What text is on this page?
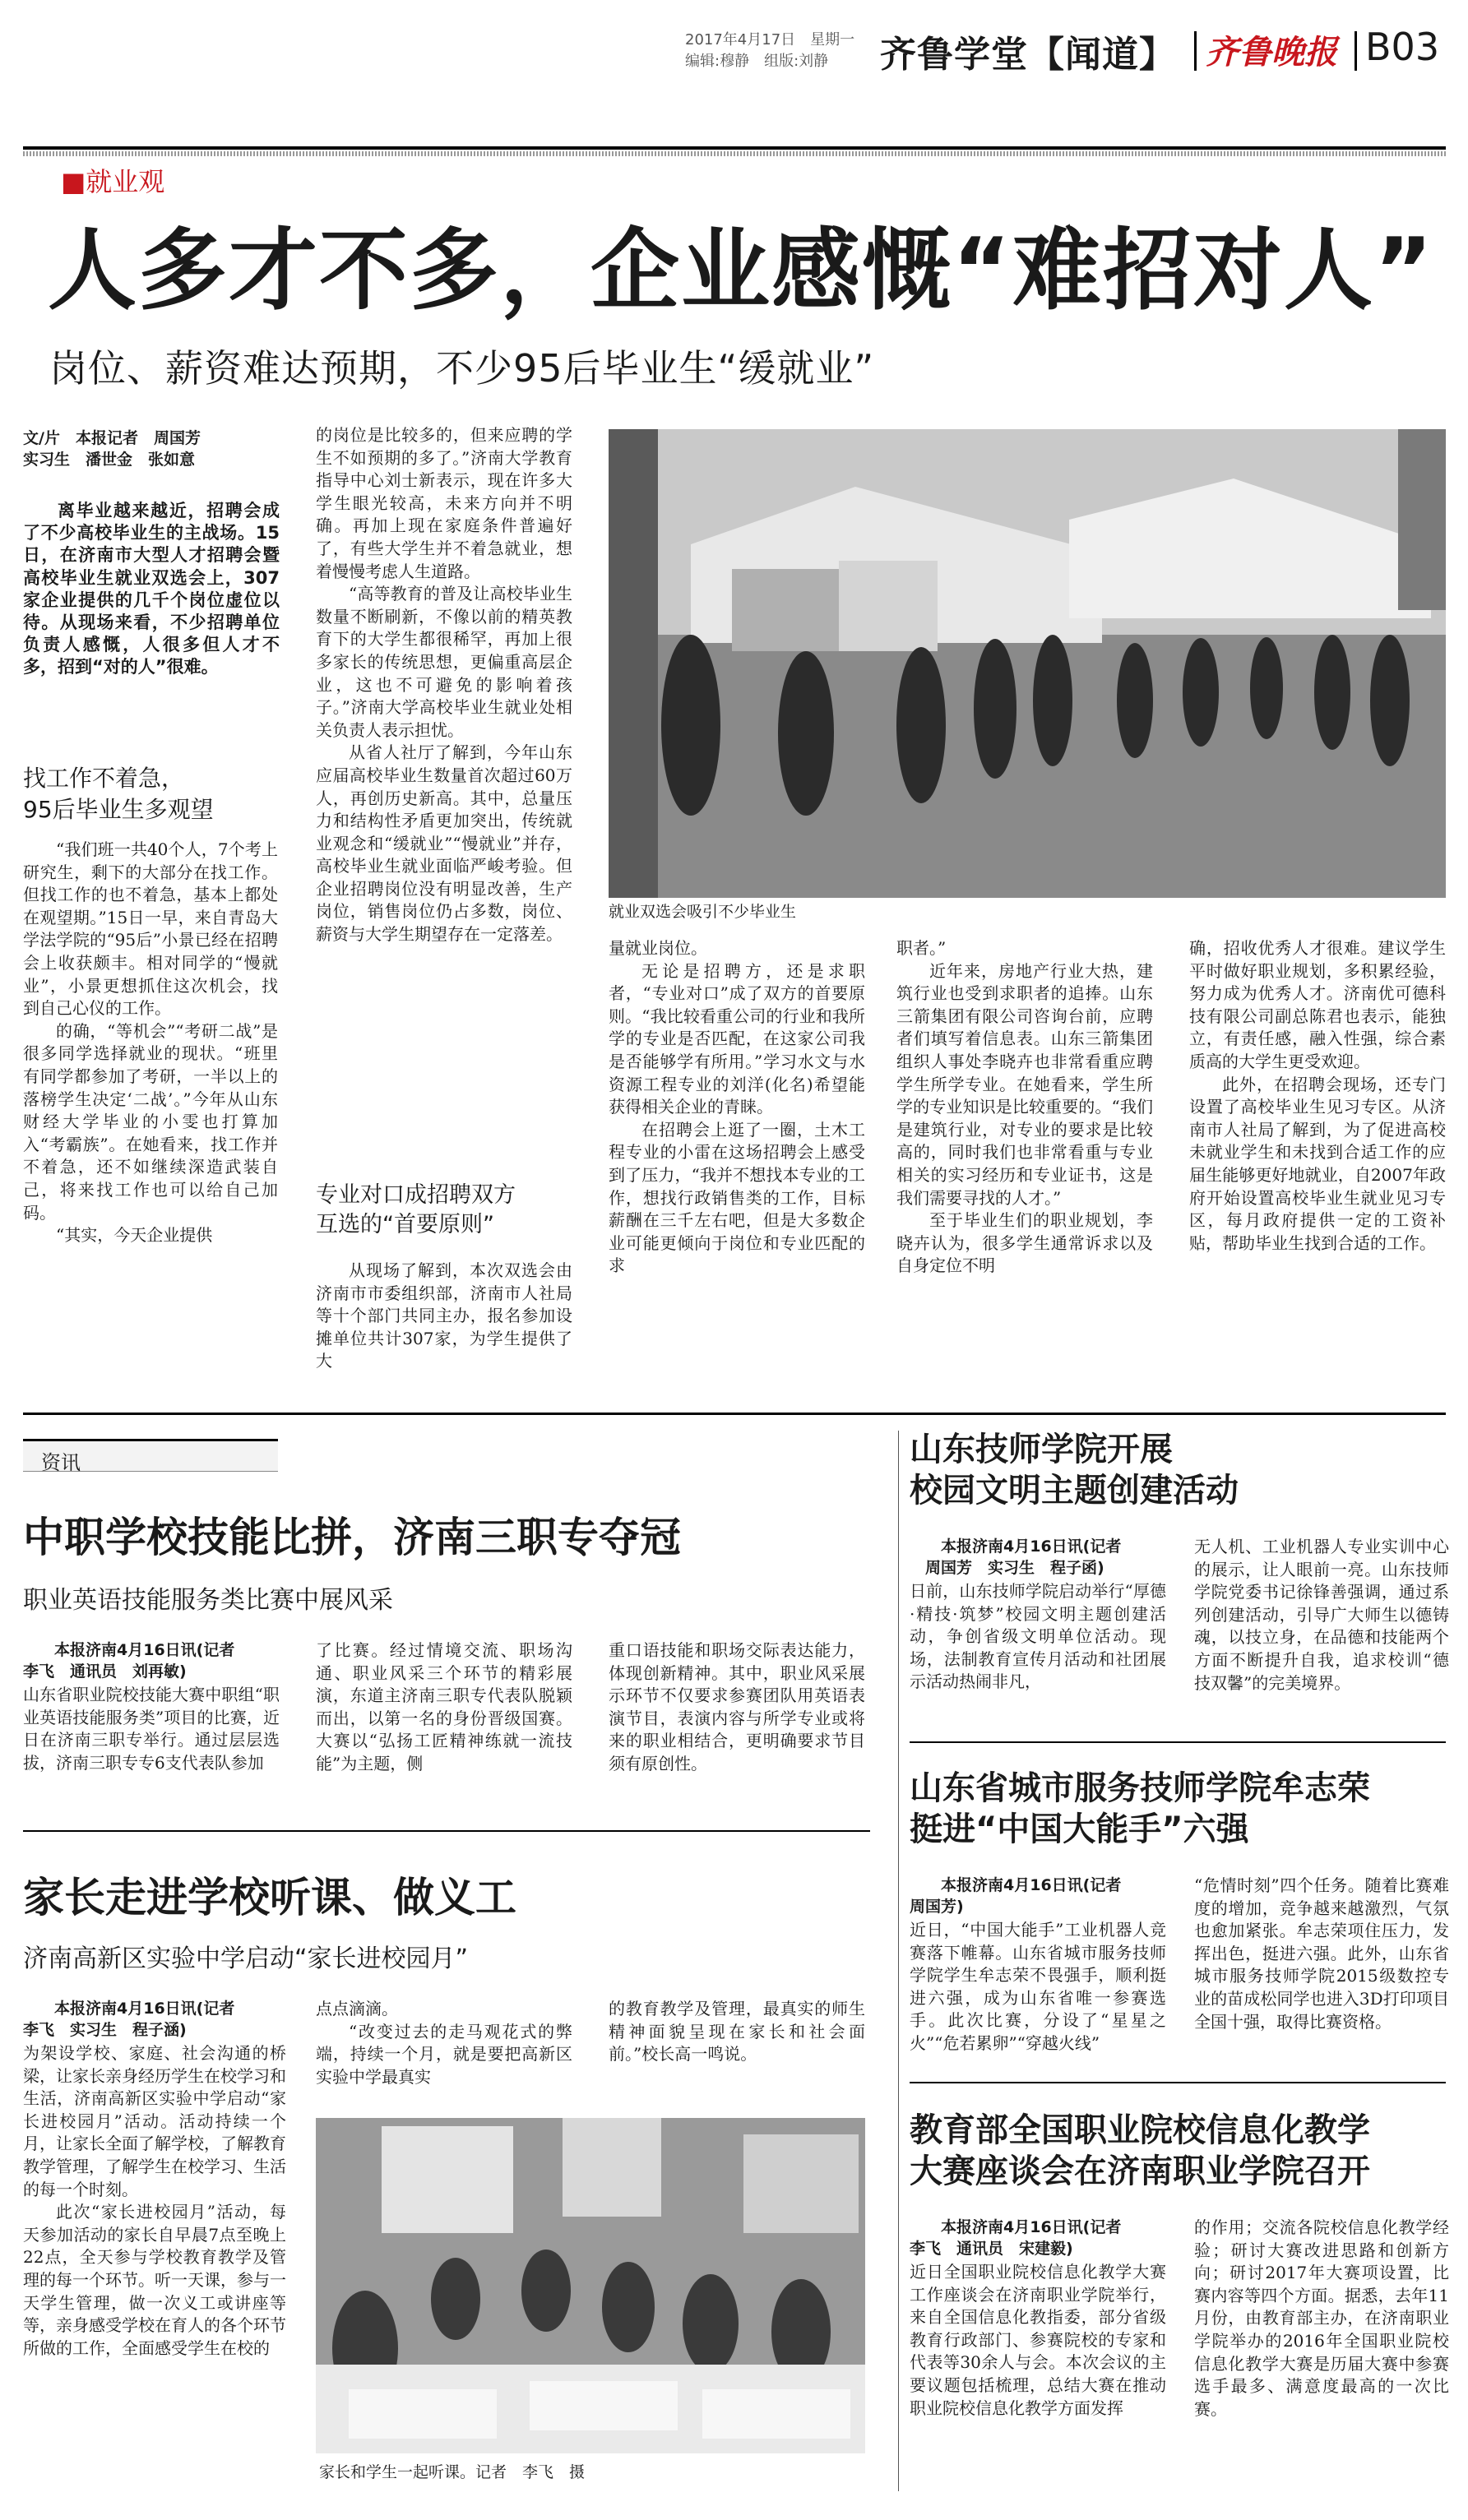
2017年4月17日　 星期一
编辑:穆静　组版:刘静 齐鲁学堂【闻道】 齐鲁晚报 B03
■就业观
人多才不多，企业感慨“难招对人”
岗位、薪资难达预期，不少95后毕业生“缓就业”
文/片　本报记者　周国芳
实习生　潘世金　张如意
离毕业越来越近，招聘会成了不少高校毕业生的主战场。15日，在济南市大型人才招聘会暨高校毕业生就业双选会上，307家企业提供的几千个岗位虚位以待。从现场来看，不少招聘单位负责人感慨，人很多但人才不多，招到“对的人”很难。
找工作不着急，
95后毕业生多观望

“我们班一共40个人，7个考上研究生，剩下的大部分在找工作。但找工作的也不着急，基本上都处在观望期。”15日一早，来自青岛大学法学院的“95后”小景已经在招聘会上收获颇丰。相对同学的“慢就业”，小景更想抓住这次机会，找到自己心仪的工作。

的确，“等机会”“考研二战”是很多同学选择就业的现状。“班里有同学都参加了考研，一半以上的落榜学生决定‘二战’。”今年从山东财经大学毕业的小雯也打算加入“考霸族”。在她看来，找工作并不着急，还不如继续深造武装自己，将来找工作也可以给自己加码。

“其实，今天企业提供

的岗位是比较多的，但来应聘的学生不如预期的多了。”济南大学教育指导中心刘士新表示，现在许多大学生眼光较高，未来方向并不明确。再加上现在家庭条件普遍好了，有些大学生并不着急就业，想着慢慢考虑人生道路。

“高等教育的普及让高校毕业生数量不断刷新，不像以前的精英教育下的大学生都很稀罕，再加上很多家长的传统思想，更偏重高层企业，这也不可避免的影响着孩子。”济南大学高校毕业生就业处相关负责人表示担忧。

从省人社厅了解到，今年山东应届高校毕业生数量首次超过60万人，再创历史新高。其中，总量压力和结构性矛盾更加突出，传统就业观念和“缓就业”“慢就业”并存，高校毕业生就业面临严峻考验。但企业招聘岗位没有明显改善，生产岗位，销售岗位仍占多数，岗位、薪资与大学生期望存在一定落差。

专业对口成招聘双方
互选的“首要原则”
从现场了解到，本次双选会由济南市市委组织部，济南市人社局等十个部门共同主办，报名参加设摊单位共计307家，为学生提供了大
就业双选会吸引不少毕业生

量就业岗位。

无论是招聘方，还是求职者，“专业对口”成了双方的首要原则。“我比较看重公司的行业和我所学的专业是否匹配，在这家公司我是否能够学有所用。”学习水文与水资源工程专业的刘洋(化名)希望能获得相关企业的青睐。

在招聘会上逛了一圈，土木工程专业的小雷在这场招聘会上感受到了压力，“我并不想找本专业的工作，想找行政销售类的工作，目标薪酬在三千左右吧，但是大多数企业可能更倾向于岗位和专业匹配的求

职者。”

近年来，房地产行业大热，建筑行业也受到求职者的追捧。山东三箭集团有限公司咨询台前，应聘者们填写着信息表。山东三箭集团组织人事处李晓卉也非常看重应聘学生所学专业。在她看来，学生所学的专业知识是比较重要的。“我们是建筑行业，对专业的要求是比较高的，同时我们也非常看重与专业相关的实习经历和专业证书，这是我们需要寻找的人才。”

至于毕业生们的职业规划，李晓卉认为，很多学生通常诉求以及自身定位不明

确，招收优秀人才很难。建议学生平时做好职业规划，多积累经验，努力成为优秀人才。济南优可德科技有限公司副总陈君也表示，能独立，有责任感，融入性强，综合素质高的大学生更受欢迎。

此外，在招聘会现场，还专门设置了高校毕业生见习专区。从济南市人社局了解到，为了促进高校未就业学生和未找到合适工作的应届生能够更好地就业，自2007年政府开始设置高校毕业生就业见习专区，每月政府提供一定的工资补贴，帮助毕业生找到合适的工作。

资讯
中职学校技能比拼，济南三职专夺冠
职业英语技能服务类比赛中展风采
本报济南4月16日讯(记者
李飞　通讯员　刘再敏)
山东省职业院校技能大赛中职组“职业英语技能服务类”项目的比赛，近日在济南三职专举行。通过层层选拔，济南三职专专6支代表队参加
了比赛。经过情境交流、职场沟通、职业风采三个环节的精彩展演，东道主济南三职专代表队脱颖而出，以第一名的身份晋级国赛。大赛以“弘扬工匠精神练就一流技能”为主题，侧
重口语技能和职场交际表达能力，体现创新精神。其中，职业风采展示环节不仅要求参赛团队用英语表演节目，表演内容与所学专业或将来的职业相结合，更明确要求节目须有原创性。
家长走进学校听课、做义工
济南高新区实验中学启动“家长进校园月”
本报济南4月16日讯(记者
李飞　实习生　程子涵)

为架设学校、家庭、社会沟通的桥梁，让家长亲身经历学生在校学习和生活，济南高新区实验中学启动“家长进校园月”活动。活动持续一个月，让家长全面了解学校，了解教育教学管理，了解学生在校学习、生活的每一个时刻。

此次“家长进校园月”活动，每天参加活动的家长自早晨7点至晚上22点，全天参与学校教育教学及管理的每一个环节。听一天课，参与一天学生管理，做一次义工或讲座等等，亲身感受学校在育人的各个环节所做的工作，全面感受学生在校的

点点滴滴。

“改变过去的走马观花式的弊端，持续一个月，就是要把高新区实验中学最真实

的教育教学及管理，最真实的师生精神面貌呈现在家长和社会面前。”校长高一鸣说。

家长和学生一起听课。记者　李飞　摄
山东技师学院开展
校园文明主题创建活动
本报济南4月16日讯(记者
周国芳　实习生　程子函)
日前，山东技师学院启动举行“厚德·精技·筑梦”校园文明主题创建活动，争创省级文明单位活动。现场，法制教育宣传月活动和社团展示活动热闹非凡，
无人机、工业机器人专业实训中心的展示，让人眼前一亮。山东技师学院党委书记徐锋善强调，通过系列创建活动，引导广大师生以德铸魂，以技立身，在品德和技能两个方面不断提升自我，追求校训“德技双馨”的完美境界。
山东省城市服务技师学院牟志荣
挺进“中国大能手”六强
本报济南4月16日讯(记者
周国芳)
近日，“中国大能手”工业机器人竞赛落下帷幕。山东省城市服务技师学院学生牟志荣不畏强手，顺利挺进六强，成为山东省唯一参赛选手。此次比赛，分设了“星星之火”“危若累卵”“穿越火线”
“危情时刻”四个任务。随着比赛难度的增加，竞争越来越激烈，气氛也愈加紧张。牟志荣项住压力，发挥出色，挺进六强。此外，山东省城市服务技师学院2015级数控专业的苗成松同学也进入3D打印项目全国十强，取得比赛资格。
教育部全国职业院校信息化教学
大赛座谈会在济南职业学院召开
本报济南4月16日讯(记者
李飞　通讯员　宋建毅)
近日全国职业院校信息化教学大赛工作座谈会在济南职业学院举行，来自全国信息化教指委，部分省级教育行政部门、参赛院校的专家和代表等30余人与会。本次会议的主要议题包括梳理，总结大赛在推动职业院校信息化教学方面发挥
的作用；交流各院校信息化教学经验；研讨大赛改进思路和创新方向；研讨2017年大赛项设置，比赛内容等四个方面。据悉，去年11月份，由教育部主办，在济南职业学院举办的2016年全国职业院校信息化教学大赛是历届大赛中参赛选手最多、满意度最高的一次比赛。
